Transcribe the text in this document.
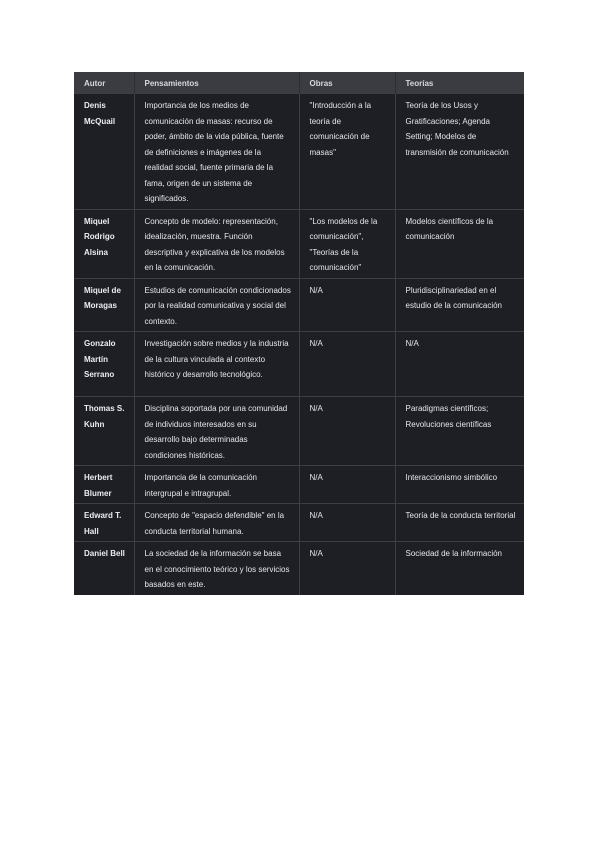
Autor	Pensamientos	Obras	Teorías
Denis McQuail	Importancia de los medios de comunicación de masas: recurso de poder, ámbito de la vida pública, fuente de definiciones e imágenes de la realidad social, fuente primaria de la fama, origen de un sistema de significados.	"Introducción a la teoría de comunicación de masas"	Teoría de los Usos y Gratificaciones; Agenda Setting; Modelos de transmisión de comunicación
Miquel Rodrigo Alsina	Concepto de modelo: representación, idealización, muestra. Función descriptiva y explicativa de los modelos en la comunicación.	"Los modelos de la comunicación", "Teorías de la comunicación"	Modelos científicos de la comunicación
Miquel de Moragas	Estudios de comunicación condicionados por la realidad comunicativa y social del contexto.	N/A	Pluridisciplinariedad en el estudio de la comunicación
Gonzalo Martín Serrano	Investigación sobre medios y la industria de la cultura vinculada al contexto histórico y desarrollo tecnológico.	N/A	N/A
Thomas S. Kuhn	Disciplina soportada por una comunidad de individuos interesados en su desarrollo bajo determinadas condiciones históricas.	N/A	Paradigmas científicos; Revoluciones científicas
Herbert Blumer	Importancia de la comunicación intergrupal e intragrupal.	N/A	Interaccionismo simbólico
Edward T. Hall	Concepto de "espacio defendible" en la conducta territorial humana.	N/A	Teoría de la conducta territorial
Daniel Bell	La sociedad de la información se basa en el conocimiento teórico y los servicios basados en este.	N/A	Sociedad de la información
